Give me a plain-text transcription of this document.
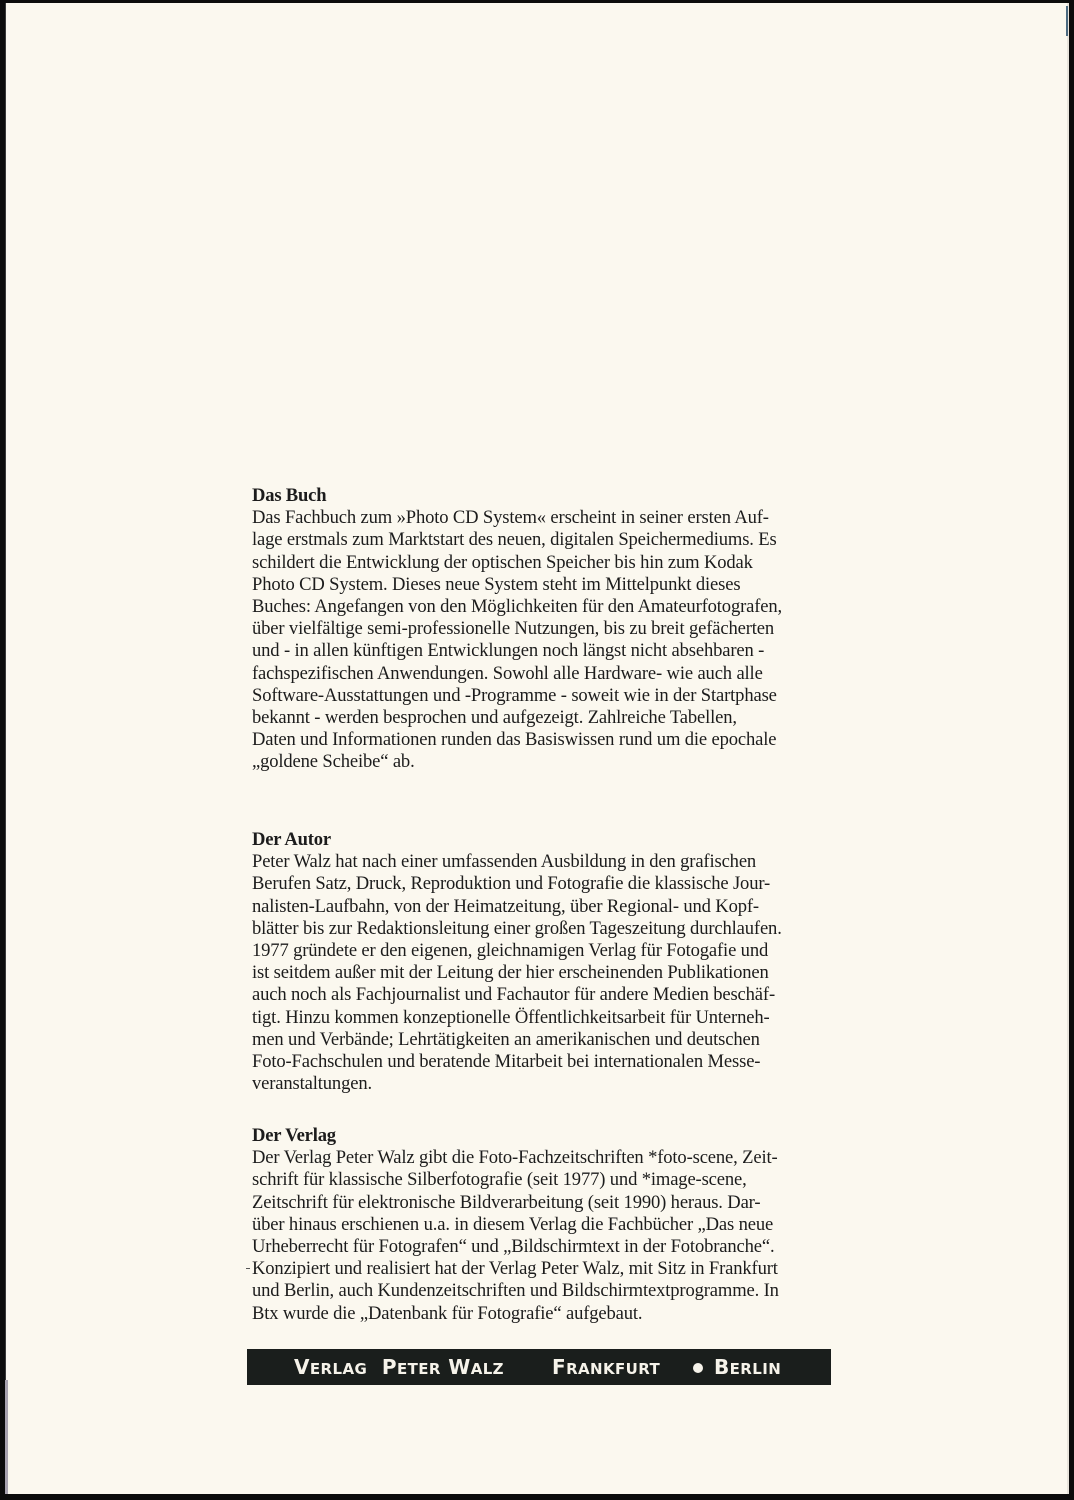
Das Buch
Das Fachbuch zum »Photo CD System« erscheint in seiner ersten Auf-
lage erstmals zum Marktstart des neuen, digitalen Speichermediums. Es
schildert die Entwicklung der optischen Speicher bis hin zum Kodak
Photo CD System. Dieses neue System steht im Mittelpunkt dieses
Buches: Angefangen von den Möglichkeiten für den Amateurfotografen,
über vielfältige semi-professionelle Nutzungen, bis zu breit gefächerten
und - in allen künftigen Entwicklungen noch längst nicht absehbaren -
fachspezifischen Anwendungen. Sowohl alle Hardware- wie auch alle
Software-Ausstattungen und -Programme - soweit wie in der Startphase
bekannt - werden besprochen und aufgezeigt. Zahlreiche Tabellen,
Daten und Informationen runden das Basiswissen rund um die epochale
„goldene Scheibe“ ab.
Der Autor
Peter Walz hat nach einer umfassenden Ausbildung in den grafischen
Berufen Satz, Druck, Reproduktion und Fotografie die klassische Jour-
nalisten-Laufbahn, von der Heimatzeitung, über Regional- und Kopf-
blätter bis zur Redaktionsleitung einer großen Tageszeitung durchlaufen.
1977 gründete er den eigenen, gleichnamigen Verlag für Fotogafie und
ist seitdem außer mit der Leitung der hier erscheinenden Publikationen
auch noch als Fachjournalist und Fachautor für andere Medien beschäf-
tigt. Hinzu kommen konzeptionelle Öffentlichkeitsarbeit für Unterneh-
men und Verbände; Lehrtätigkeiten an amerikanischen und deutschen
Foto-Fachschulen und beratende Mitarbeit bei internationalen Messe-
veranstaltungen.
Der Verlag
Der Verlag Peter Walz gibt die Foto-Fachzeitschriften *foto-scene, Zeit-
schrift für klassische Silberfotografie (seit 1977) und *image-scene,
Zeitschrift für elektronische Bildverarbeitung (seit 1990) heraus. Dar-
über hinaus erschienen u.a. in diesem Verlag die Fachbücher „Das neue
Urheberrecht für Fotografen“ und „Bildschirmtext in der Fotobranche“.
Konzipiert und realisiert hat der Verlag Peter Walz, mit Sitz in Frankfurt
und Berlin, auch Kundenzeitschriften und Bildschirmtextprogramme. In
Btx wurde die „Datenbank für Fotografie“ aufgebaut.
VERLAG PETER WALZ FRANKFURT	BERLIN
